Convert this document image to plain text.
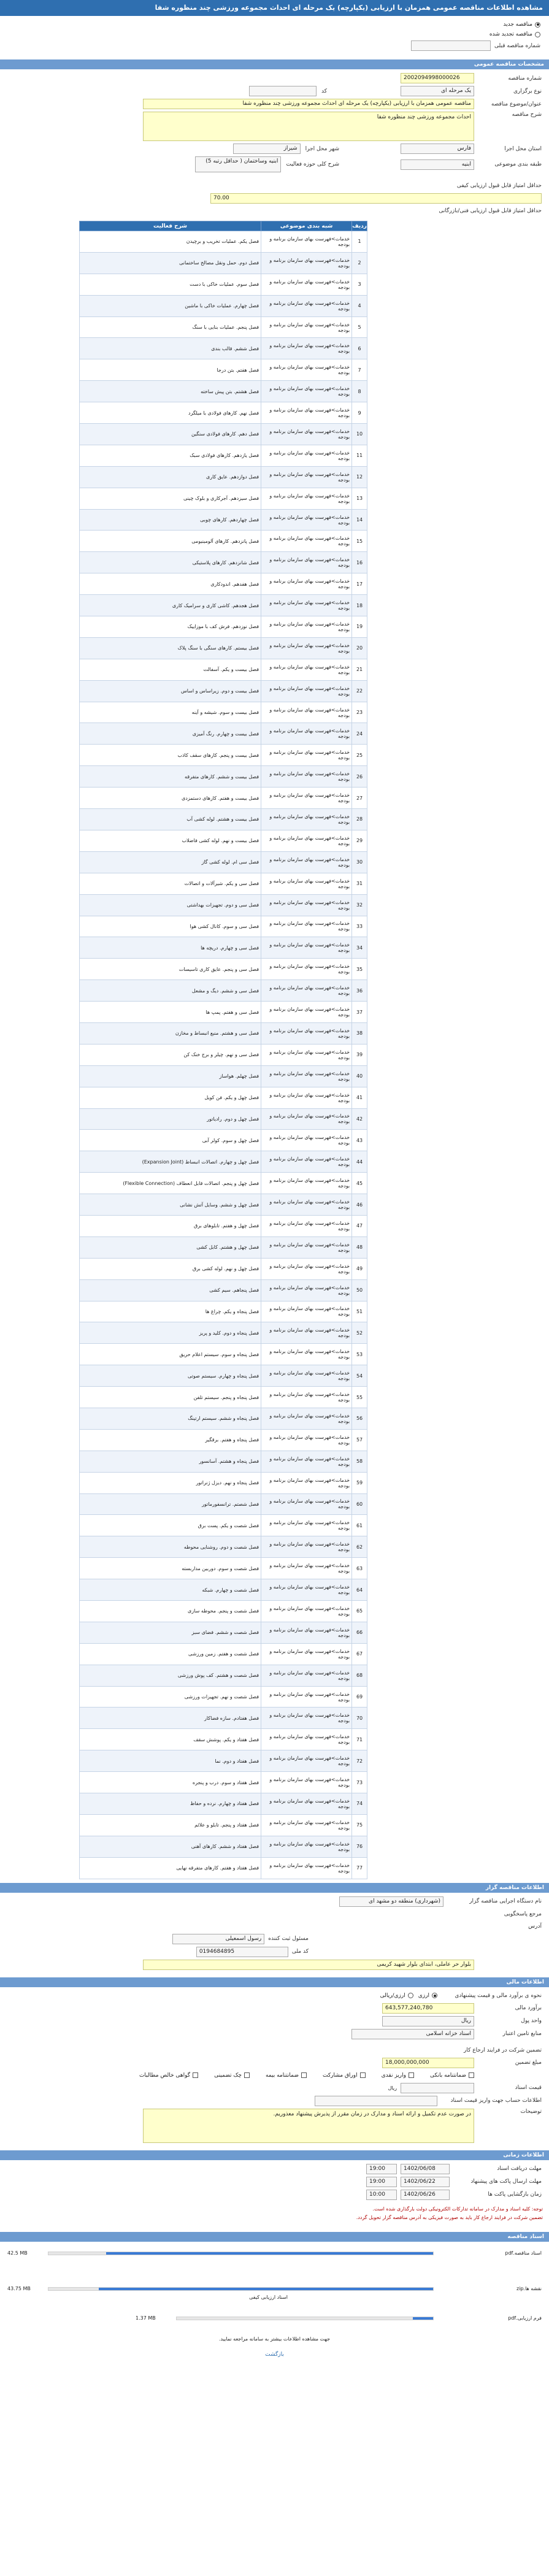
مشاهده اطلاعات مناقصه عمومی همزمان با ارزیابی (یکپارچه) یک مرحله ای احداث مجموعه ورزشی چند منظوره شفا
مناقصه جدید
مناقصه تجدید شده
شماره مناقصه قبلی
مشخصات مناقصه عمومی
شماره مناقصه
2002094998000026
نوع برگزاری
یک مرحله ای
کد
عنوان/موضوع مناقصه
مناقصه عمومی همزمان با ارزیابی (یکپارچه) یک مرحله ای احداث مجموعه ورزشی چند منظوره شفا
شرح مناقصه
احداث مجموعه ورزشی چند منظوره شفا
استان محل اجرا
فارس
شهر محل اجرا
شیراز
طبقه بندی موضوعی
ابنیه
شرح کلی حوزه فعالیت
ابنیه وساختمان ( حداقل رتبه 5)
حداقل امتیاز قابل قبول ارزیابی کیفی
70.00
حداقل امتیاز قابل قبول ارزیابی فنی/بازرگانی
ردیف	شبه بندی موضوعی	شرح فعالیت
1	خدمات>فهرست بهای سازمان برنامه و بودجه	فصل یکم. عملیات تخریب و برچیدن
2	خدمات>فهرست بهای سازمان برنامه و بودجه	فصل دوم. حمل ونقل مصالح ساختمانی
3	خدمات>فهرست بهای سازمان برنامه و بودجه	فصل سوم. عملیات خاکی با دست
4	خدمات>فهرست بهای سازمان برنامه و بودجه	فصل چهارم. عملیات خاکی با ماشین
5	خدمات>فهرست بهای سازمان برنامه و بودجه	فصل پنجم. عملیات بنایی با سنگ
6	خدمات>فهرست بهای سازمان برنامه و بودجه	فصل ششم. قالب بندی
7	خدمات>فهرست بهای سازمان برنامه و بودجه	فصل هفتم. بتن درجا
8	خدمات>فهرست بهای سازمان برنامه و بودجه	فصل هشتم. بتن پیش ساخته
9	خدمات>فهرست بهای سازمان برنامه و بودجه	فصل نهم. کارهای فولادی با میلگرد
10	خدمات>فهرست بهای سازمان برنامه و بودجه	فصل دهم. کارهای فولادی سنگین
11	خدمات>فهرست بهای سازمان برنامه و بودجه	فصل یازدهم. کارهای فولادی سبک
12	خدمات>فهرست بهای سازمان برنامه و بودجه	فصل دوازدهم. عایق کاری
13	خدمات>فهرست بهای سازمان برنامه و بودجه	فصل سیزدهم. آجرکاری و بلوک چینی
14	خدمات>فهرست بهای سازمان برنامه و بودجه	فصل چهاردهم. کارهای چوبی
15	خدمات>فهرست بهای سازمان برنامه و بودجه	فصل پانزدهم. کارهای آلومینیومی
16	خدمات>فهرست بهای سازمان برنامه و بودجه	فصل شانزدهم. کارهای پلاستیکی
17	خدمات>فهرست بهای سازمان برنامه و بودجه	فصل هفدهم. اندودکاری
18	خدمات>فهرست بهای سازمان برنامه و بودجه	فصل هجدهم. کاشی کاری و سرامیک کاری
19	خدمات>فهرست بهای سازمان برنامه و بودجه	فصل نوزدهم. فرش کف با موزاییک
20	خدمات>فهرست بهای سازمان برنامه و بودجه	فصل بیستم. کارهای سنگی با سنگ پلاک
21	خدمات>فهرست بهای سازمان برنامه و بودجه	فصل بیست و یکم. آسفالت
22	خدمات>فهرست بهای سازمان برنامه و بودجه	فصل بیست و دوم. زیراساس و اساس
23	خدمات>فهرست بهای سازمان برنامه و بودجه	فصل بیست و سوم. شیشه و آینه
24	خدمات>فهرست بهای سازمان برنامه و بودجه	فصل بیست و چهارم. رنگ آمیزی
25	خدمات>فهرست بهای سازمان برنامه و بودجه	فصل بیست و پنجم. کارهای سقف کاذب
26	خدمات>فهرست بهای سازمان برنامه و بودجه	فصل بیست و ششم. کارهای متفرقه
27	خدمات>فهرست بهای سازمان برنامه و بودجه	فصل بیست و هفتم. کارهای دستمزدی
28	خدمات>فهرست بهای سازمان برنامه و بودجه	فصل بیست و هشتم. لوله کشی آب
29	خدمات>فهرست بهای سازمان برنامه و بودجه	فصل بیست و نهم. لوله کشی فاضلاب
30	خدمات>فهرست بهای سازمان برنامه و بودجه	فصل سی ام. لوله کشی گاز
31	خدمات>فهرست بهای سازمان برنامه و بودجه	فصل سی و یکم. شیرآلات و اتصالات
32	خدمات>فهرست بهای سازمان برنامه و بودجه	فصل سی و دوم. تجهیزات بهداشتی
33	خدمات>فهرست بهای سازمان برنامه و بودجه	فصل سی و سوم. کانال کشی هوا
34	خدمات>فهرست بهای سازمان برنامه و بودجه	فصل سی و چهارم. دریچه ها
35	خدمات>فهرست بهای سازمان برنامه و بودجه	فصل سی و پنجم. عایق کاری تاسیسات
36	خدمات>فهرست بهای سازمان برنامه و بودجه	فصل سی و ششم. دیگ و مشعل
37	خدمات>فهرست بهای سازمان برنامه و بودجه	فصل سی و هفتم. پمپ ها
38	خدمات>فهرست بهای سازمان برنامه و بودجه	فصل سی و هشتم. منبع انبساط و مخازن
39	خدمات>فهرست بهای سازمان برنامه و بودجه	فصل سی و نهم. چیلر و برج خنک کن
40	خدمات>فهرست بهای سازمان برنامه و بودجه	فصل چهلم. هواساز
41	خدمات>فهرست بهای سازمان برنامه و بودجه	فصل چهل و یکم. فن کویل
42	خدمات>فهرست بهای سازمان برنامه و بودجه	فصل چهل و دوم. رادیاتور
43	خدمات>فهرست بهای سازمان برنامه و بودجه	فصل چهل و سوم. کولر آبی
44	خدمات>فهرست بهای سازمان برنامه و بودجه	فصل چهل و چهارم. اتصالات انبساط (Expansion Joint)
45	خدمات>فهرست بهای سازمان برنامه و بودجه	فصل چهل و پنجم. اتصالات قابل انعطاف (Flexible Connection)
46	خدمات>فهرست بهای سازمان برنامه و بودجه	فصل چهل و ششم. وسایل آتش نشانی
47	خدمات>فهرست بهای سازمان برنامه و بودجه	فصل چهل و هفتم. تابلوهای برق
48	خدمات>فهرست بهای سازمان برنامه و بودجه	فصل چهل و هشتم. کابل کشی
49	خدمات>فهرست بهای سازمان برنامه و بودجه	فصل چهل و نهم. لوله کشی برق
50	خدمات>فهرست بهای سازمان برنامه و بودجه	فصل پنجاهم. سیم کشی
51	خدمات>فهرست بهای سازمان برنامه و بودجه	فصل پنجاه و یکم. چراغ ها
52	خدمات>فهرست بهای سازمان برنامه و بودجه	فصل پنجاه و دوم. کلید و پریز
53	خدمات>فهرست بهای سازمان برنامه و بودجه	فصل پنجاه و سوم. سیستم اعلام حریق
54	خدمات>فهرست بهای سازمان برنامه و بودجه	فصل پنجاه و چهارم. سیستم صوتی
55	خدمات>فهرست بهای سازمان برنامه و بودجه	فصل پنجاه و پنجم. سیستم تلفن
56	خدمات>فهرست بهای سازمان برنامه و بودجه	فصل پنجاه و ششم. سیستم ارتینگ
57	خدمات>فهرست بهای سازمان برنامه و بودجه	فصل پنجاه و هفتم. برقگیر
58	خدمات>فهرست بهای سازمان برنامه و بودجه	فصل پنجاه و هشتم. آسانسور
59	خدمات>فهرست بهای سازمان برنامه و بودجه	فصل پنجاه و نهم. دیزل ژنراتور
60	خدمات>فهرست بهای سازمان برنامه و بودجه	فصل شصتم. ترانسفورماتور
61	خدمات>فهرست بهای سازمان برنامه و بودجه	فصل شصت و یکم. پست برق
62	خدمات>فهرست بهای سازمان برنامه و بودجه	فصل شصت و دوم. روشنایی محوطه
63	خدمات>فهرست بهای سازمان برنامه و بودجه	فصل شصت و سوم. دوربین مداربسته
64	خدمات>فهرست بهای سازمان برنامه و بودجه	فصل شصت و چهارم. شبکه
65	خدمات>فهرست بهای سازمان برنامه و بودجه	فصل شصت و پنجم. محوطه سازی
66	خدمات>فهرست بهای سازمان برنامه و بودجه	فصل شصت و ششم. فضای سبز
67	خدمات>فهرست بهای سازمان برنامه و بودجه	فصل شصت و هفتم. زمین ورزشی
68	خدمات>فهرست بهای سازمان برنامه و بودجه	فصل شصت و هشتم. کف پوش ورزشی
69	خدمات>فهرست بهای سازمان برنامه و بودجه	فصل شصت و نهم. تجهیزات ورزشی
70	خدمات>فهرست بهای سازمان برنامه و بودجه	فصل هفتادم. سازه فضاکار
71	خدمات>فهرست بهای سازمان برنامه و بودجه	فصل هفتاد و یکم. پوشش سقف
72	خدمات>فهرست بهای سازمان برنامه و بودجه	فصل هفتاد و دوم. نما
73	خدمات>فهرست بهای سازمان برنامه و بودجه	فصل هفتاد و سوم. درب و پنجره
74	خدمات>فهرست بهای سازمان برنامه و بودجه	فصل هفتاد و چهارم. نرده و حفاظ
75	خدمات>فهرست بهای سازمان برنامه و بودجه	فصل هفتاد و پنجم. تابلو و علائم
76	خدمات>فهرست بهای سازمان برنامه و بودجه	فصل هفتاد و ششم. کارهای آهنی
77	خدمات>فهرست بهای سازمان برنامه و بودجه	فصل هفتاد و هفتم. کارهای متفرقه نهایی
اطلاعات مناقصه گزار
نام دستگاه اجرایی مناقصه گزار
(شهرداری) منطقه دو مشهد ای
مرجع پاسخگویی
آدرس
مسئول ثبت کننده
رسول اسمعیلی
کد ملی
0194684895
بلوار حر عاملی، ابتدای بلوار شهید کریمی
اطلاعات مالی
نحوه ی برآورد مالی و قیمت پیشنهادی
ارزی
ارزی/ریالی
برآورد مالی
643,577,240,780
واحد پول
ریال
منابع تامین اعتبار
اسناد خزانه اسلامی
تضمین شرکت در فرایند ارجاع کار
مبلغ تضمین
18,000,000,000
ضمانتنامه بانکی
واریز نقدی
اوراق مشارکت
ضمانتنامه بیمه
چک تضمینی
گواهی خالص مطالبات
قیمت اسناد
ریال
اطلاعات حساب جهت واریز قیمت اسناد
توضیحات
در صورت عدم تکمیل و ارائه اسناد و مدارک در زمان مقرر از پذیرش پیشنهاد معذوریم.
اطلاعات زمانی
مهلت دریافت اسناد
1402/06/08
19:00
مهلت ارسال پاکت های پیشنهاد
1402/06/22
19:00
زمان بازگشایی پاکت ها
1402/06/26
10:00
توجه: کلیه اسناد و مدارک در سامانه تدارکات الکترونیکی دولت بارگذاری شده است.
تضمین شرکت در فرایند ارجاع کار باید به صورت فیزیکی به آدرس مناقصه گزار تحویل گردد.
اسناد مناقصه
اسناد مناقصه.pdf
42.5 MB
نقشه ها.zip
43.75 MB
اسناد ارزیابی کیفی
فرم ارزیابی.pdf
1.37 MB
جهت مشاهده اطلاعات بیشتر به سامانه مراجعه نمایید.
بازگشت
